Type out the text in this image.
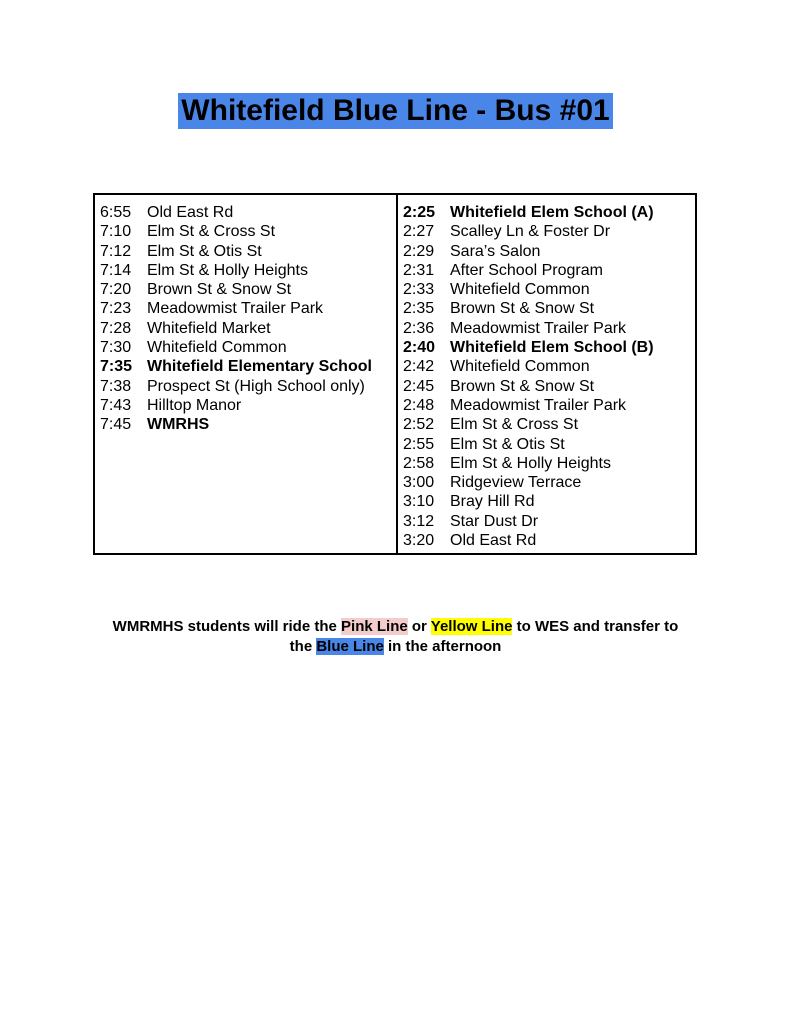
Whitefield Blue Line - Bus #01
6:55 Old East Rd
7:10 Elm St & Cross St
7:12 Elm St & Otis St
7:14 Elm St & Holly Heights
7:20 Brown St & Snow St
7:23 Meadowmist Trailer Park
7:28 Whitefield Market
7:30 Whitefield Common
7:35 Whitefield Elementary School
7:38 Prospect St (High School only)
7:43 Hilltop Manor
7:45 WMRHS
2:25 Whitefield Elem School (A)
2:27 Scalley Ln & Foster Dr
2:29 Sara’s Salon
2:31 After School Program
2:33 Whitefield Common
2:35 Brown St & Snow St
2:36 Meadowmist Trailer Park
2:40 Whitefield Elem School (B)
2:42 Whitefield Common
2:45 Brown St & Snow St
2:48 Meadowmist Trailer Park
2:52 Elm St & Cross St
2:55 Elm St & Otis St
2:58 Elm St & Holly Heights
3:00 Ridgeview Terrace
3:10 Bray Hill Rd
3:12 Star Dust Dr
3:20 Old East Rd
WMRMHS students will ride the Pink Line or Yellow Line to WES and transfer to
the Blue Line in the afternoon
